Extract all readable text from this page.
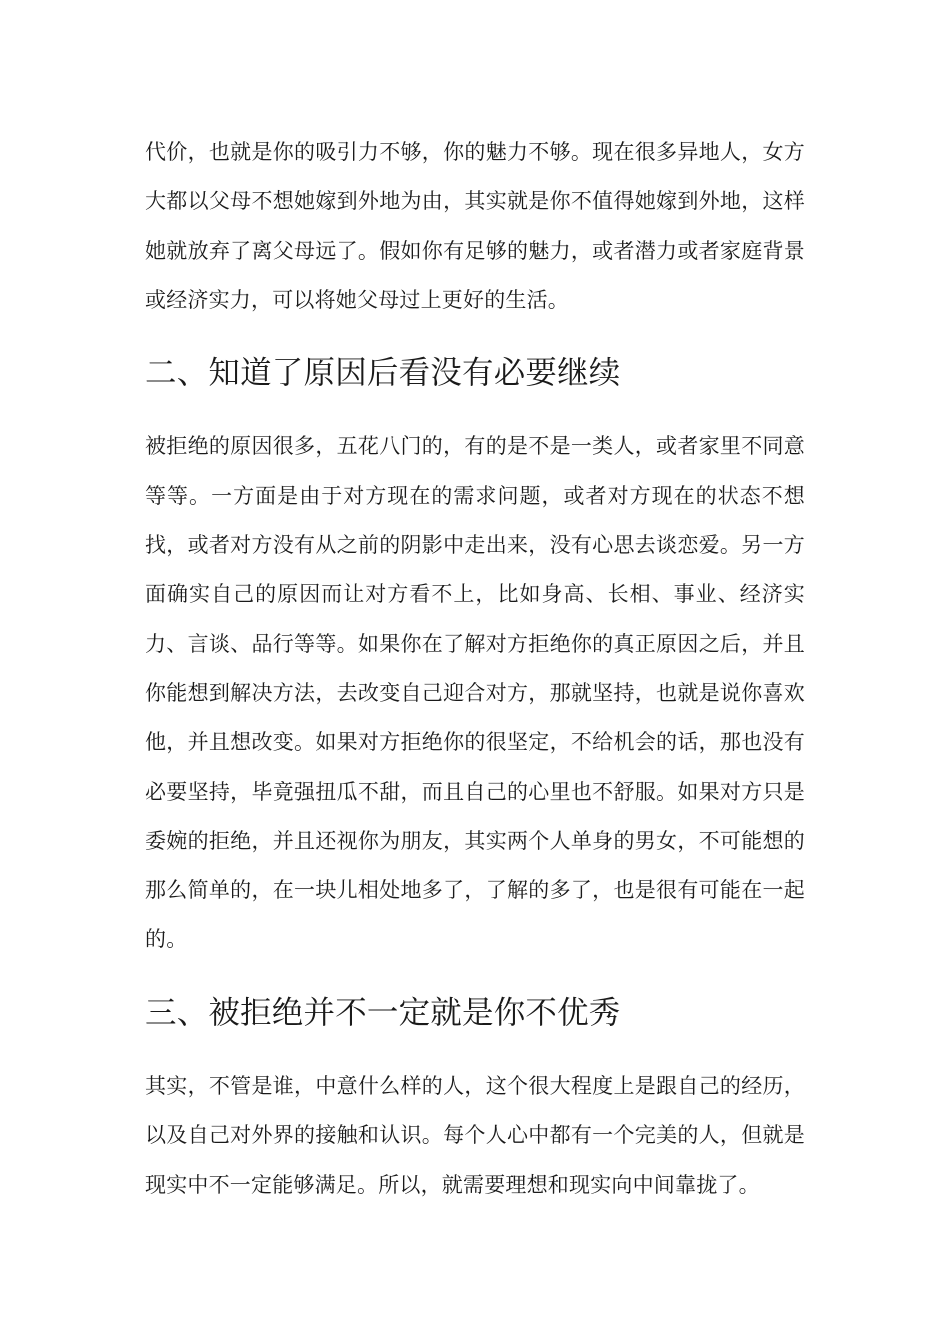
代价，也就是你的吸引力不够，你的魅力不够。现在很多异地人，女方大都以父母不想她嫁到外地为由，其实就是你不值得她嫁到外地，这样她就放弃了离父母远了。假如你有足够的魅力，或者潜力或者家庭背景或经济实力，可以将她父母过上更好的生活。

二、知道了原因后看没有必要继续

被拒绝的原因很多，五花八门的，有的是不是一类人，或者家里不同意等等。一方面是由于对方现在的需求问题，或者对方现在的状态不想找，或者对方没有从之前的阴影中走出来，没有心思去谈恋爱。另一方面确实自己的原因而让对方看不上，比如身高、长相、事业、经济实力、言谈、品行等等。如果你在了解对方拒绝你的真正原因之后，并且你能想到解决方法，去改变自己迎合对方，那就坚持，也就是说你喜欢他，并且想改变。如果对方拒绝你的很坚定，不给机会的话，那也没有必要坚持，毕竟强扭瓜不甜，而且自己的心里也不舒服。如果对方只是委婉的拒绝，并且还视你为朋友，其实两个人单身的男女，不可能想的那么简单的，在一块儿相处地多了，了解的多了，也是很有可能在一起的。

三、被拒绝并不一定就是你不优秀

其实，不管是谁，中意什么样的人，这个很大程度上是跟自己的经历，以及自己对外界的接触和认识。每个人心中都有一个完美的人，但就是现实中不一定能够满足。所以，就需要理想和现实向中间靠拢了。
